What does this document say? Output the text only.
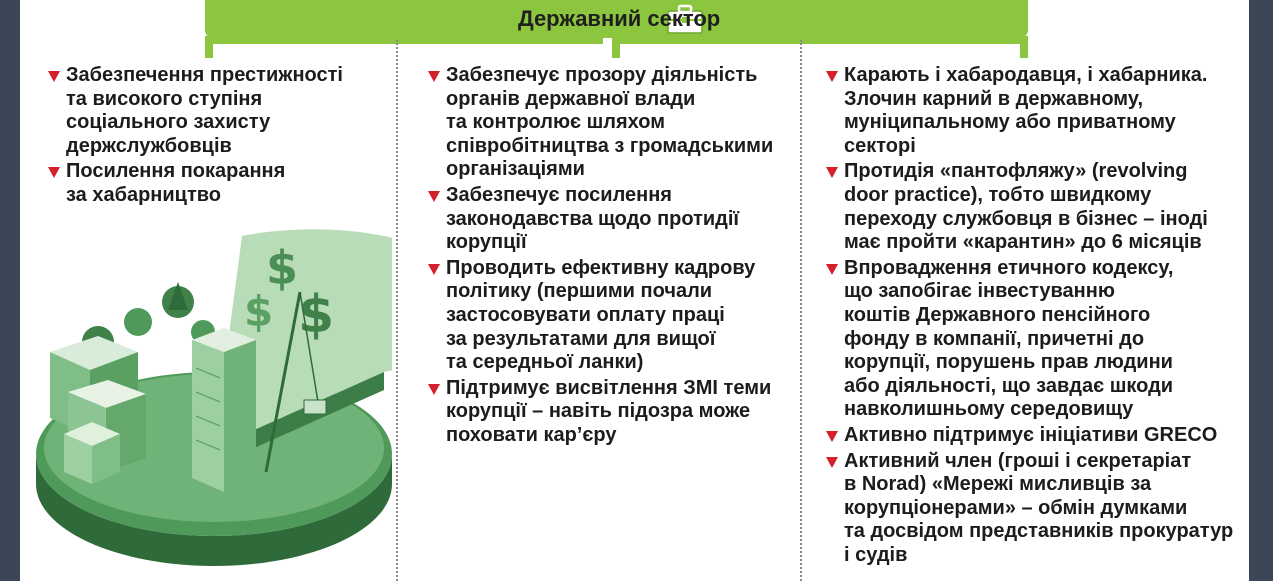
Державний сектор
Забезпечення престижності
та високого ступіня
соціального захисту
держслужбовців
Посилення покарання
за хабарництво
Забезпечує прозору діяльність
органів державної влади
та контролює шляхом
співробітництва з громадськими
організаціями
Забезпечує посилення
законодавства щодо протидії
корупції
Проводить ефективну кадрову
політику (першими почали
застосовувати оплату праці
за результатами для вищої
та середньої ланки)
Підтримує висвітлення ЗМІ теми
корупції – навіть підозра може
поховати кар’єру
Карають і хабародавця, і хабарника.
Злочин карний в державному,
муніципальному або приватному
секторі
Протидія «пантофляжу» (revolving
door practice), тобто швидкому
переходу службовця в бізнес – іноді
має пройти «карантин» до 6 місяців
Впровадження етичного кодексу,
що запобігає інвестуванню
коштів Державного пенсійного
фонду в компанії, причетні до
корупції, порушень прав людини
або діяльності, що завдає шкоди
навколишньому середовищу
Активно підтримує ініціативи GRECO
Активний член (гроші і секретаріат
в Norad) «Мережі мисливців за
корупціонерами» – обмін думками
та досвідом представників прокуратур
і судів
$
$
$
